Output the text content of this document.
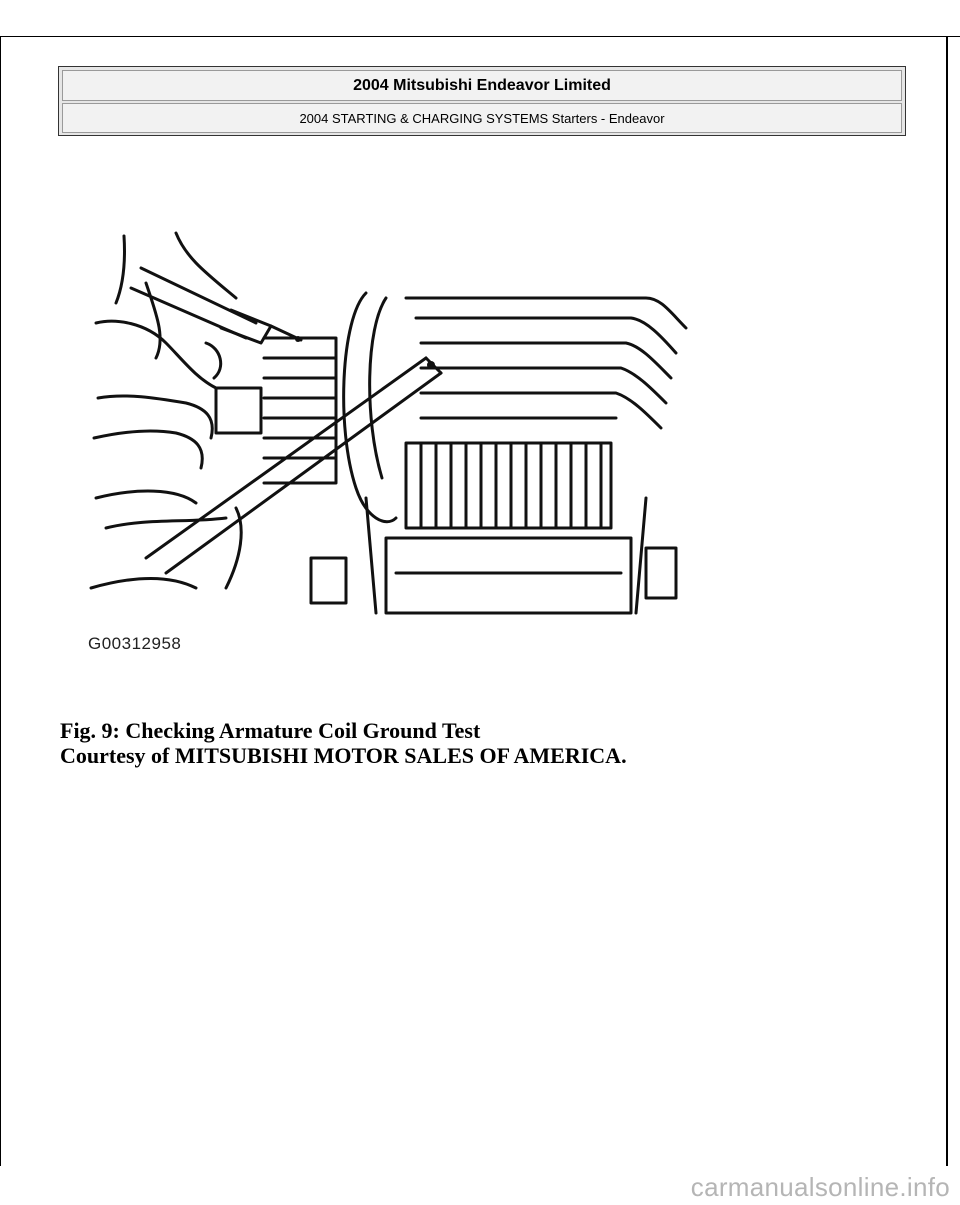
2004 Mitsubishi Endeavor Limited
2004 STARTING & CHARGING SYSTEMS Starters - Endeavor
G00312958
Fig. 9: Checking Armature Coil Ground Test
Courtesy of MITSUBISHI MOTOR SALES OF AMERICA.
carmanualsonline.info
